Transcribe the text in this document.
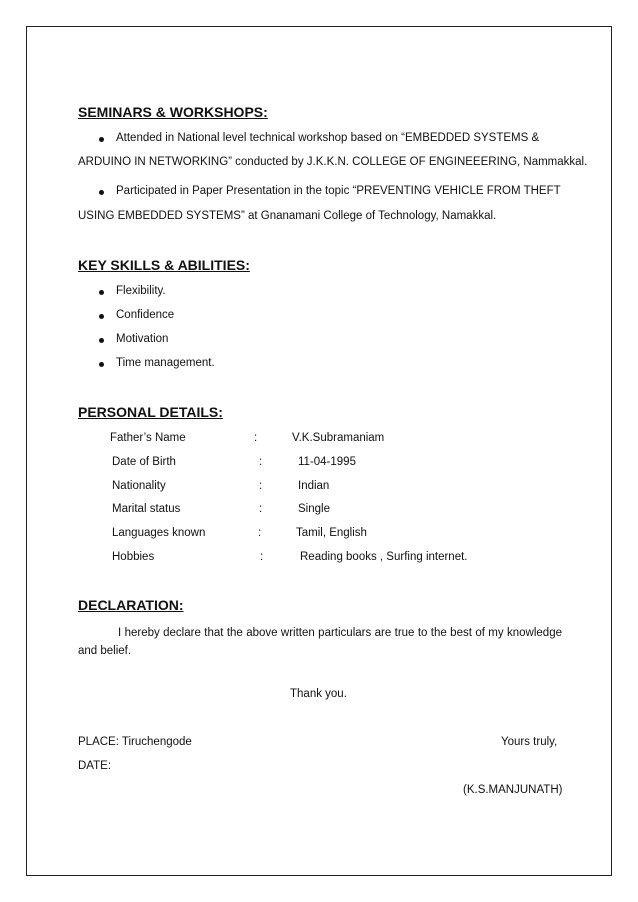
SEMINARS & WORKSHOPS:
Attended in National level technical workshop based on “EMBEDDED SYSTEMS &
ARDUINO IN NETWORKING” conducted by J.K.K.N. COLLEGE OF ENGINEEERING, Nammakkal.
Participated in Paper Presentation in the topic “PREVENTING VEHICLE FROM THEFT
USING EMBEDDED SYSTEMS” at Gnanamani College of Technology, Namakkal.
KEY SKILLS & ABILITIES:
Flexibility.
Confidence
Motivation
Time management.
PERSONAL DETAILS:
Father’s Name	:	V.K.Subramaniam
Date of Birth	:	11-04-1995
Nationality	:	Indian
Marital status	:	Single
Languages known	:	Tamil, English
Hobbies	:	Reading books , Surfing internet.
DECLARATION:
I hereby declare that the above written particulars are true to the best of my knowledge and belief.
Thank you.
PLACE: Tiruchengode	Yours truly,
DATE:
(K.S.MANJUNATH)
